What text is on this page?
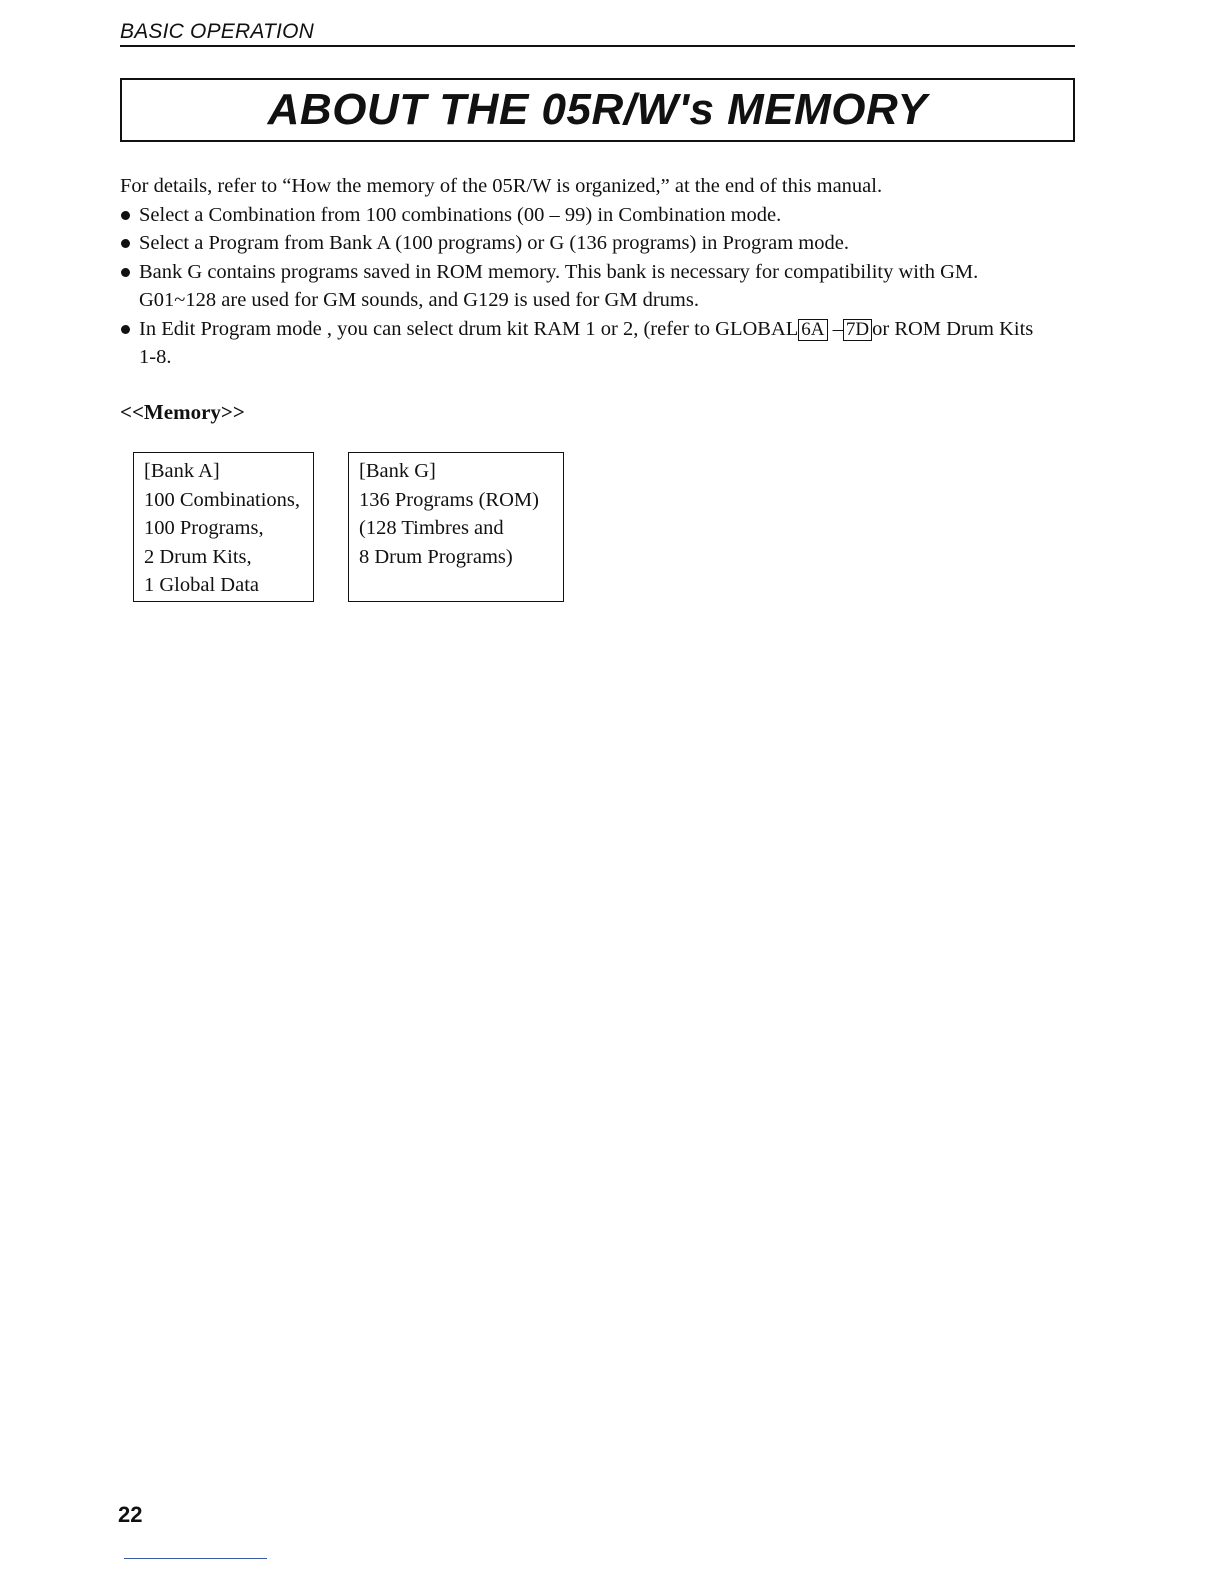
BASIC OPERATION
ABOUT THE 05R/W's MEMORY

For details, refer to “How the memory of the 05R/W is organized,” at the end of this manual.

Select a Combination from 100 combinations (00 – 99) in Combination mode.
Select a Program from Bank A (100 programs) or G (136 programs) in Program mode.
Bank G contains programs saved in ROM memory. This bank is necessary for compatibility with GM.
G01~128 are used for GM sounds, and G129 is used for GM drums.
In Edit Program mode , you can select drum kit RAM 1 or 2, (refer to GLOBAL 6A – 7D or ROM Drum Kits
1-8.
<<Memory>>
[Bank A]
100 Combinations,
100 Programs,
2 Drum Kits,
1 Global Data
[Bank G]
136 Programs (ROM)
(128 Timbres and
8 Drum Programs)
22
